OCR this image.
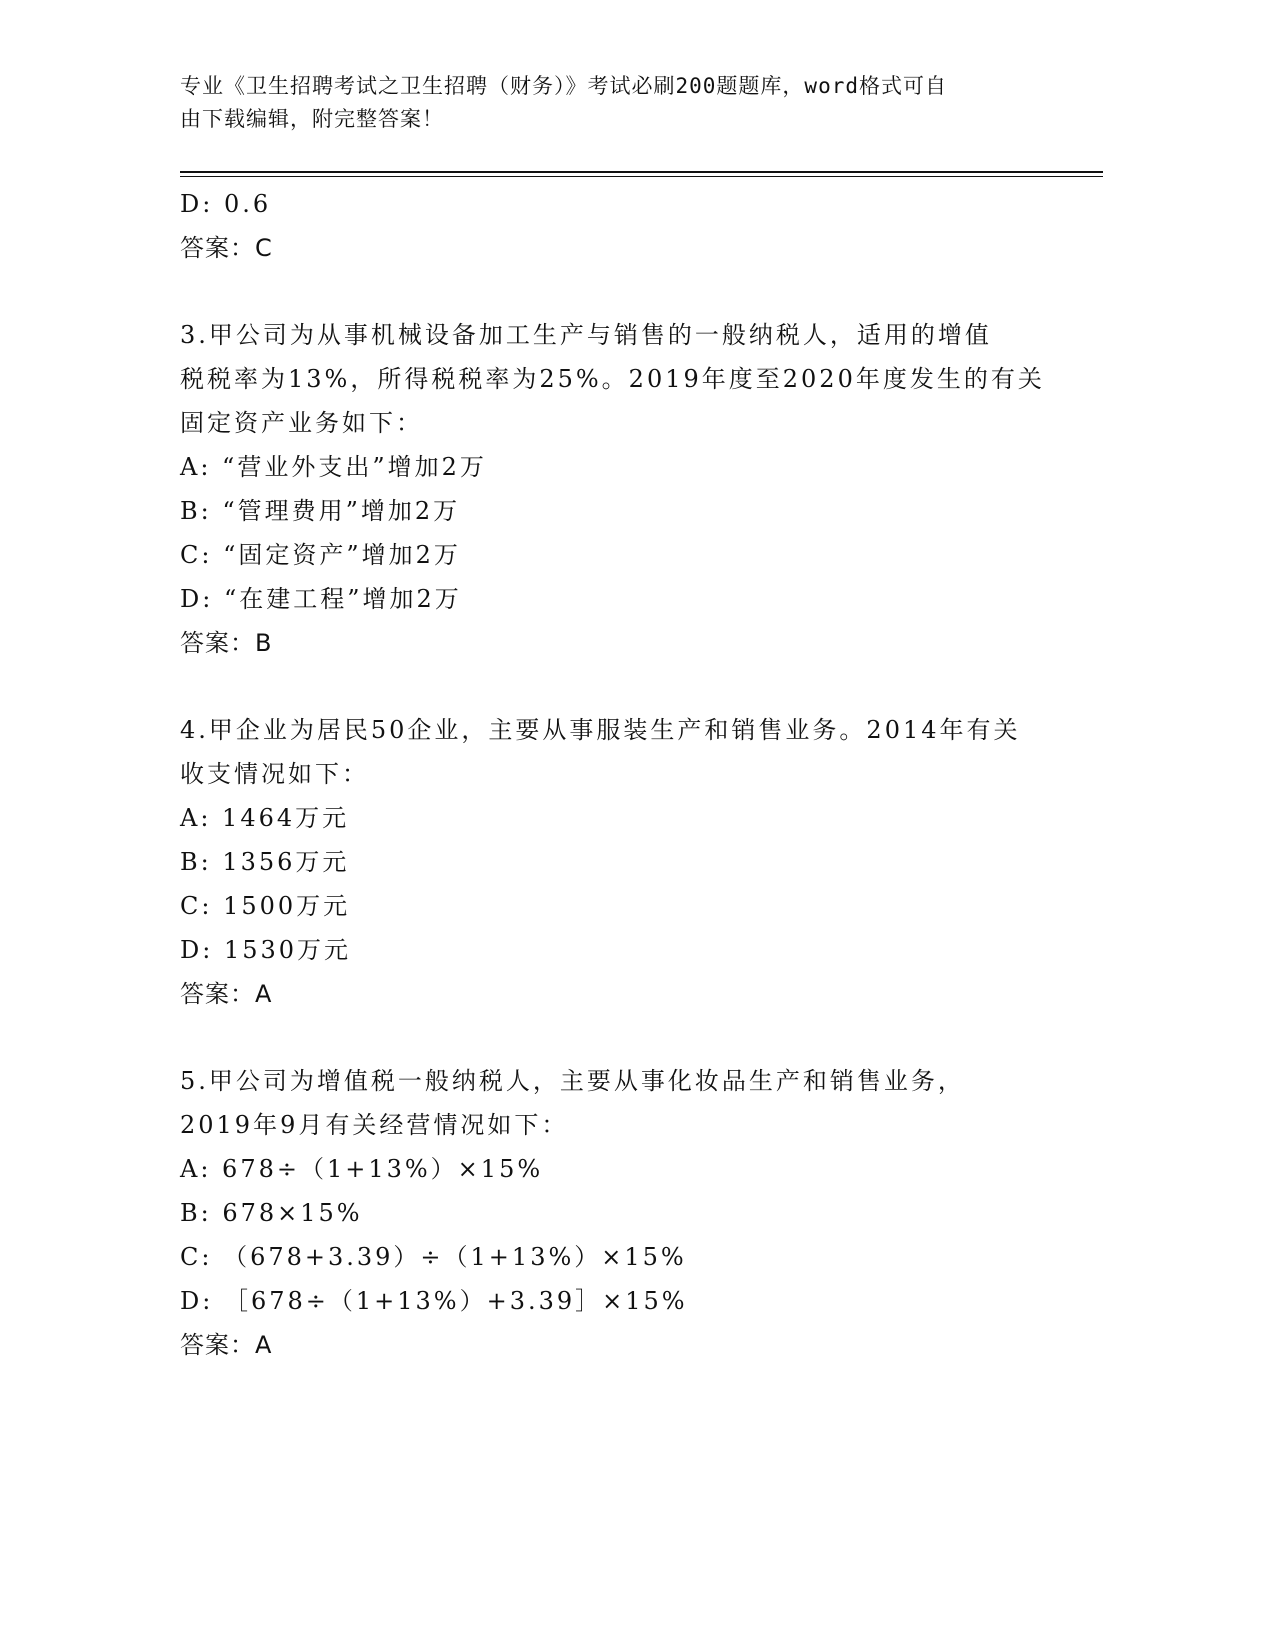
专业《卫生招聘考试之卫生招聘（财务）》考试必刷200题题库，word格式可自
由下载编辑，附完整答案！
D: 0.6
答案：C
3.甲公司为从事机械设备加工生产与销售的一般纳税人，适用的增值
税税率为13%，所得税税率为25%。2019年度至2020年度发生的有关
固定资产业务如下：
A: “营业外支出”增加2万
B: “管理费用”增加2万
C: “固定资产”增加2万
D: “在建工程”增加2万
答案：B
4.甲企业为居民50企业，主要从事服装生产和销售业务。2014年有关
收支情况如下：
A: 1464万元
B: 1356万元
C: 1500万元
D: 1530万元
答案：A
5.甲公司为增值税一般纳税人，主要从事化妆品生产和销售业务，
2019年9月有关经营情况如下：
A: 678÷（1+13%）×15%
B: 678×15%
C: （678+3.39）÷（1+13%）×15%
D: ［678÷（1+13%）+3.39］×15%
答案：A
